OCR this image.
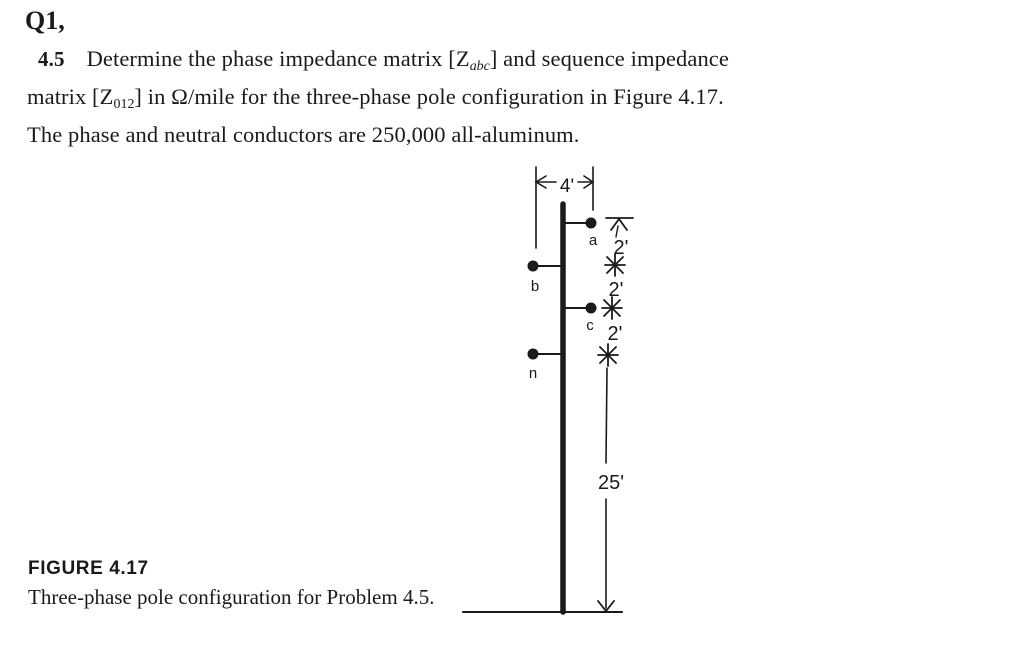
Q1,
4.5 Determine the phase impedance matrix [Zabc] and sequence impedance
matrix [Z012] in Ω/mile for the three-phase pole configuration in Figure 4.17.
The phase and neutral conductors are 250,000 all-aluminum.
4'
a
b
c
n
2'
2'
2'
25'
FIGURE 4.17
Three-phase pole configuration for Problem 4.5.
